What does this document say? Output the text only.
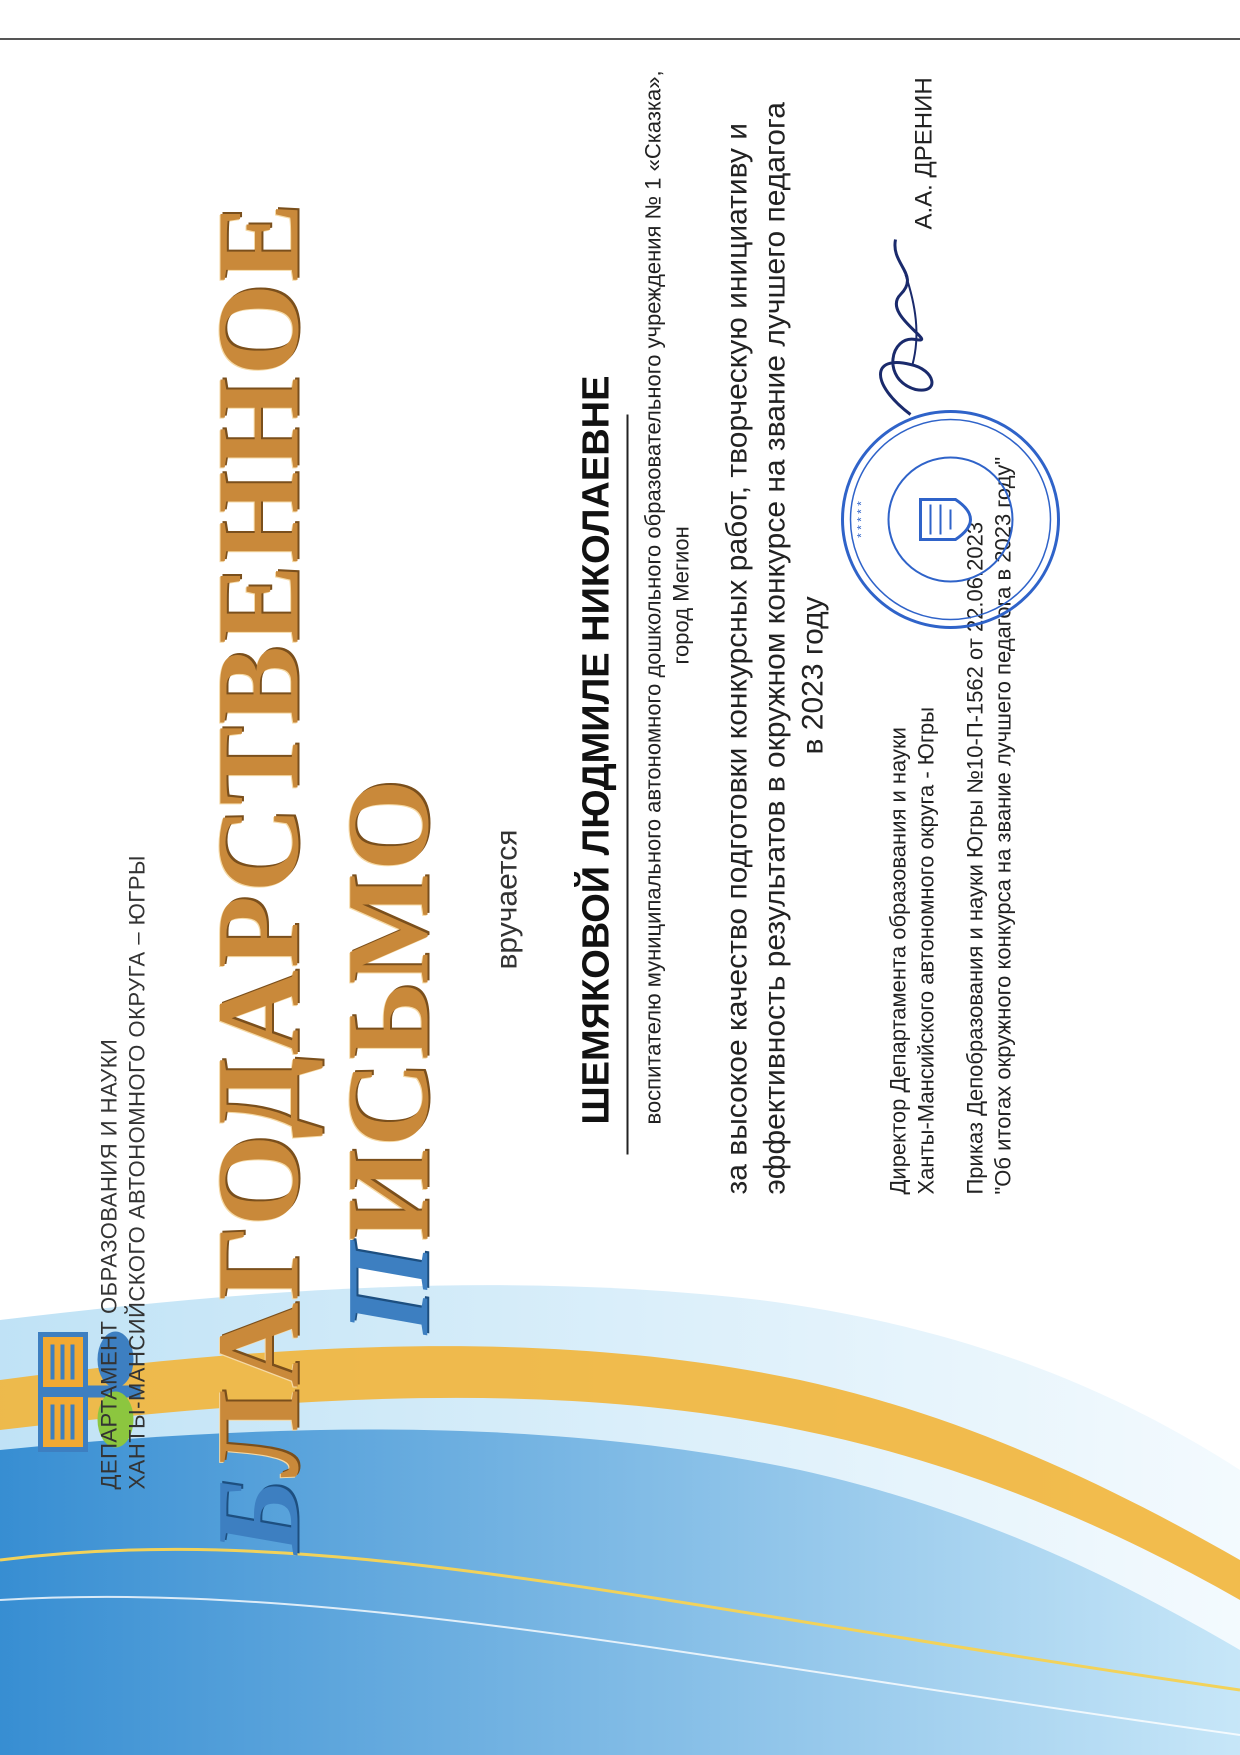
ДЕПАРТАМЕНТ ОБРАЗОВАНИЯ И НАУКИ ХАНТЫ-МАНСИЙСКОГО АВТОНОМНОГО ОКРУГА – ЮГРЫ
БЛАГОДАРСТВЕННОЕ ПИСЬМО вручается ШЕМЯКОВОЙ ЛЮДМИЛЕ НИКОЛАЕВНЕ воспитателю муниципального автономного дошкольного образовательного учреждения № 1 «Сказка», город Мегион за высокое качество подготовки конкурсных работ, творческую инициативу и эффективность результатов в окружном конкурсе на звание лучшего педагога в 2023 году
Директор Департамента образования и науки Ханты-Мансийского автономного округа - Югры
А.А. ДРЕНИН
Приказ Депобразования и науки Югры №10-П-1562 от 22.06.2023 "Об итогах окружного конкурса на звание лучшего педагога в 2023 году"
* * * * *
